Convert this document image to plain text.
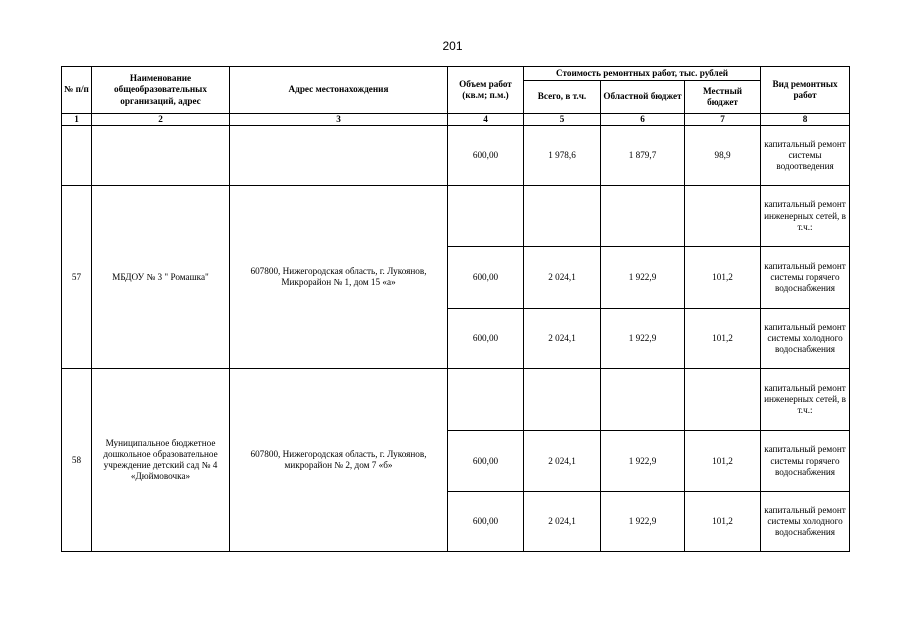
201
№ п/п	Наименование общеобразовательных организаций, адрес	Адрес местонахождения	Объем работ (кв.м; п.м.)	Стоимость ремонтных работ, тыс. рублей			Вид ремонтных работ
				Всего, в т.ч.	Областной бюджет	Местный бюджет	
1	2	3	4	5	6	7	8
			600,00	1 978,6	1 879,7	98,9	капитальный ремонт системы водоотведения
57	МБДОУ № 3 " Ромашка"	607800, Нижегородская область, г. Лукоянов, Микрорайон № 1, дом 15 «а»					капитальный ремонт инженерных сетей, в т.ч.:
			600,00	2 024,1	1 922,9	101,2	капитальный ремонт системы горячего водоснабжения
			600,00	2 024,1	1 922,9	101,2	капитальный ремонт системы холодного водоснабжения
58	Муниципальное бюджетное дошкольное образовательное учреждение детский сад № 4 «Дюймовочка»	607800, Нижегородская область, г. Лукоянов, микрорайон № 2, дом 7 «б»					капитальный ремонт инженерных сетей, в т.ч.:
			600,00	2 024,1	1 922,9	101,2	капитальный ремонт системы горячего водоснабжения
			600,00	2 024,1	1 922,9	101,2	капитальный ремонт системы холодного водоснабжения
